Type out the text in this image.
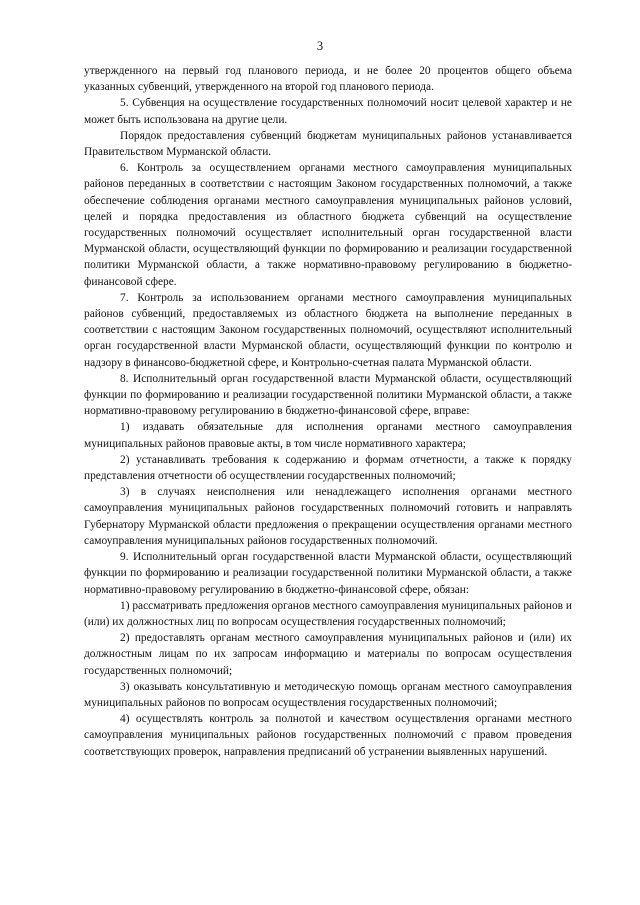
3

утвержденного на первый год планового периода, и не более 20 процентов общего объема указанных субвенций, утвержденного на второй год планового периода.

5. Субвенция на осуществление государственных полномочий носит целевой характер и не может быть использована на другие цели.

Порядок предоставления субвенций бюджетам муниципальных районов устанавливается Правительством Мурманской области.

6. Контроль за осуществлением органами местного самоуправления муниципальных районов переданных в соответствии с настоящим Законом государственных полномочий, а также обеспечение соблюдения органами местного самоуправления муниципальных районов условий, целей и порядка предоставления из областного бюджета субвенций на осуществление государственных полномочий осуществляет исполнительный орган государственной власти Мурманской области, осуществляющий функции по формированию и реализации государственной политики Мурманской области, а также нормативно-правовому регулированию в бюджетно-финансовой сфере.

7. Контроль за использованием органами местного самоуправления муниципальных районов субвенций, предоставляемых из областного бюджета на выполнение переданных в соответствии с настоящим Законом государственных полномочий, осуществляют исполнительный орган государственной власти Мурманской области, осуществляющий функции по контролю и надзору в финансово-бюджетной сфере, и Контрольно-счетная палата Мурманской области.

8. Исполнительный орган государственной власти Мурманской области, осуществляющий функции по формированию и реализации государственной политики Мурманской области, а также нормативно-правовому регулированию в бюджетно-финансовой сфере, вправе:

1) издавать обязательные для исполнения органами местного самоуправления муниципальных районов правовые акты, в том числе нормативного характера;

2) устанавливать требования к содержанию и формам отчетности, а также к порядку представления отчетности об осуществлении государственных полномочий;

3) в случаях неисполнения или ненадлежащего исполнения органами местного самоуправления муниципальных районов государственных полномочий готовить и направлять Губернатору Мурманской области предложения о прекращении осуществления органами местного самоуправления муниципальных районов государственных полномочий.

9. Исполнительный орган государственной власти Мурманской области, осуществляющий функции по формированию и реализации государственной политики Мурманской области, а также нормативно-правовому регулированию в бюджетно-финансовой сфере, обязан:

1) рассматривать предложения органов местного самоуправления муниципальных районов и (или) их должностных лиц по вопросам осуществления государственных полномочий;

2) предоставлять органам местного самоуправления муниципальных районов и (или) их должностным лицам по их запросам информацию и материалы по вопросам осуществления государственных полномочий;

3) оказывать консультативную и методическую помощь органам местного самоуправления муниципальных районов по вопросам осуществления государственных полномочий;

4) осуществлять контроль за полнотой и качеством осуществления органами местного самоуправления муниципальных районов государственных полномочий с правом проведения соответствующих проверок, направления предписаний об устранении выявленных нарушений.
